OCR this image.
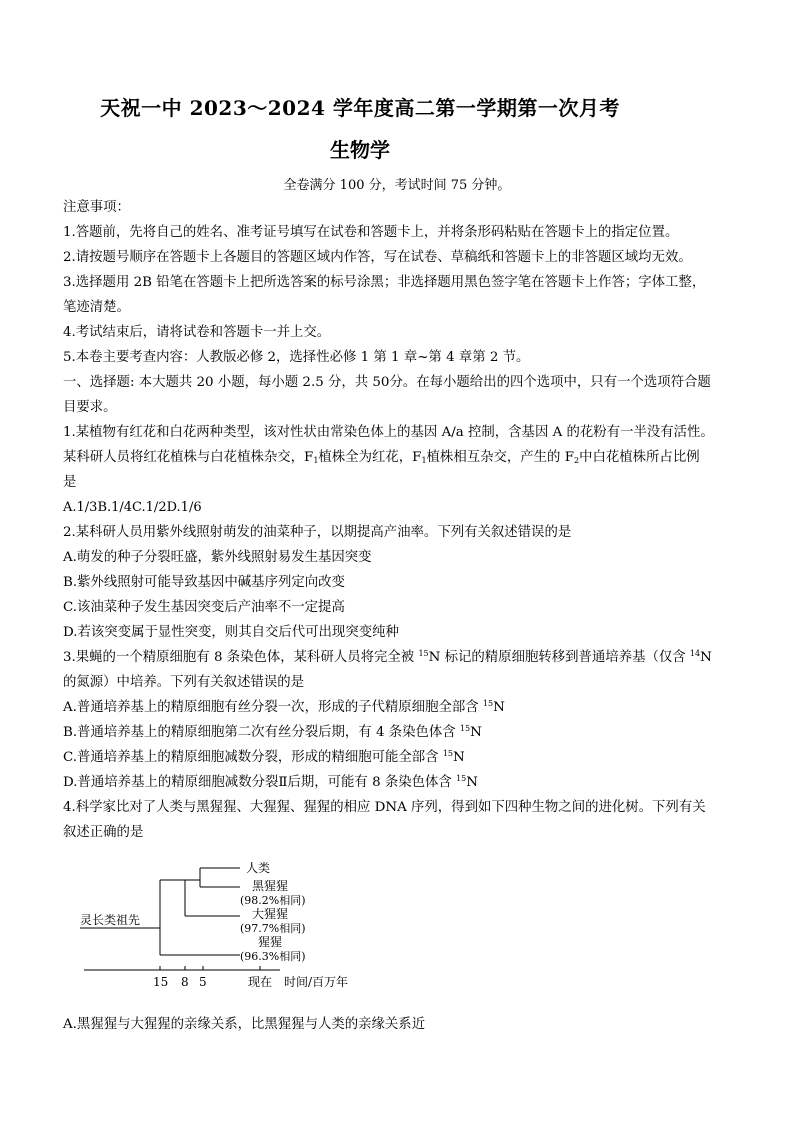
天祝一中 2023～2024 学年度高二第一学期第一次月考
生物学
全卷满分 100 分，考试时间 75 分钟。
注意事项：
1.答题前，先将自己的姓名、准考证号填写在试卷和答题卡上，并将条形码粘贴在答题卡上的指定位置。
2.请按题号顺序在答题卡上各题目的答题区域内作答，写在试卷、草稿纸和答题卡上的非答题区域均无效。
3.选择题用 2B 铅笔在答题卡上把所选答案的标号涂黑；非选择题用黑色签字笔在答题卡上作答；字体工整，
笔迹清楚。
4.考试结束后，请将试卷和答题卡一并上交。
5.本卷主要考查内容：人教版必修 2，选择性必修 1 第 1 章~第 4 章第 2 节。
一、选择题: 本大题共 20 小题，每小题 2.5 分，共 50分。在每小题给出的四个选项中，只有一个选项符合题
目要求。
1.某植物有红花和白花两种类型，该对性状由常染色体上的基因 A/a 控制，含基因 A 的花粉有一半没有活性。
某科研人员将红花植株与白花植株杂交，$F_1$植株全为红花，$F_1$植株相互杂交，产生的 $F_2$中白花植株所占比例
是
A.1/3B.1/4C.1/2D.1/6
2.某科研人员用紫外线照射萌发的油菜种子，以期提高产油率。下列有关叙述错误的是
A.萌发的种子分裂旺盛，紫外线照射易发生基因突变
B.紫外线照射可能导致基因中碱基序列定向改变
C.该油菜种子发生基因突变后产油率不一定提高
D.若该突变属于显性突变，则其自交后代可出现突变纯种
3.果蝇的一个精原细胞有 8 条染色体，某科研人员将完全被 $^{15}$N 标记的精原细胞转移到普通培养基（仅含 $^{14}$N
的氮源）中培养。下列有关叙述错误的是
A.普通培养基上的精原细胞有丝分裂一次，形成的子代精原细胞全部含 $^{15}$N
B.普通培养基上的精原细胞第二次有丝分裂后期，有 4 条染色体含 $^{15}$N
C.普通培养基上的精原细胞减数分裂，形成的精细胞可能全部含 $^{15}$N
D.普通培养基上的精原细胞减数分裂Ⅱ后期，可能有 8 条染色体含 $^{15}$N
4.科学家比对了人类与黑猩猩、大猩猩、猩猩的相应 DNA 序列，得到如下四种生物之间的进化树。下列有关
叙述正确的是
灵长类祖先
人类
黑猩猩
(98.2%相同)
大猩猩
(97.7%相同)
猩猩
(96.3%相同)
15 8 5	现在 时间/百万年
A.黑猩猩与大猩猩的亲缘关系，比黑猩猩与人类的亲缘关系近
